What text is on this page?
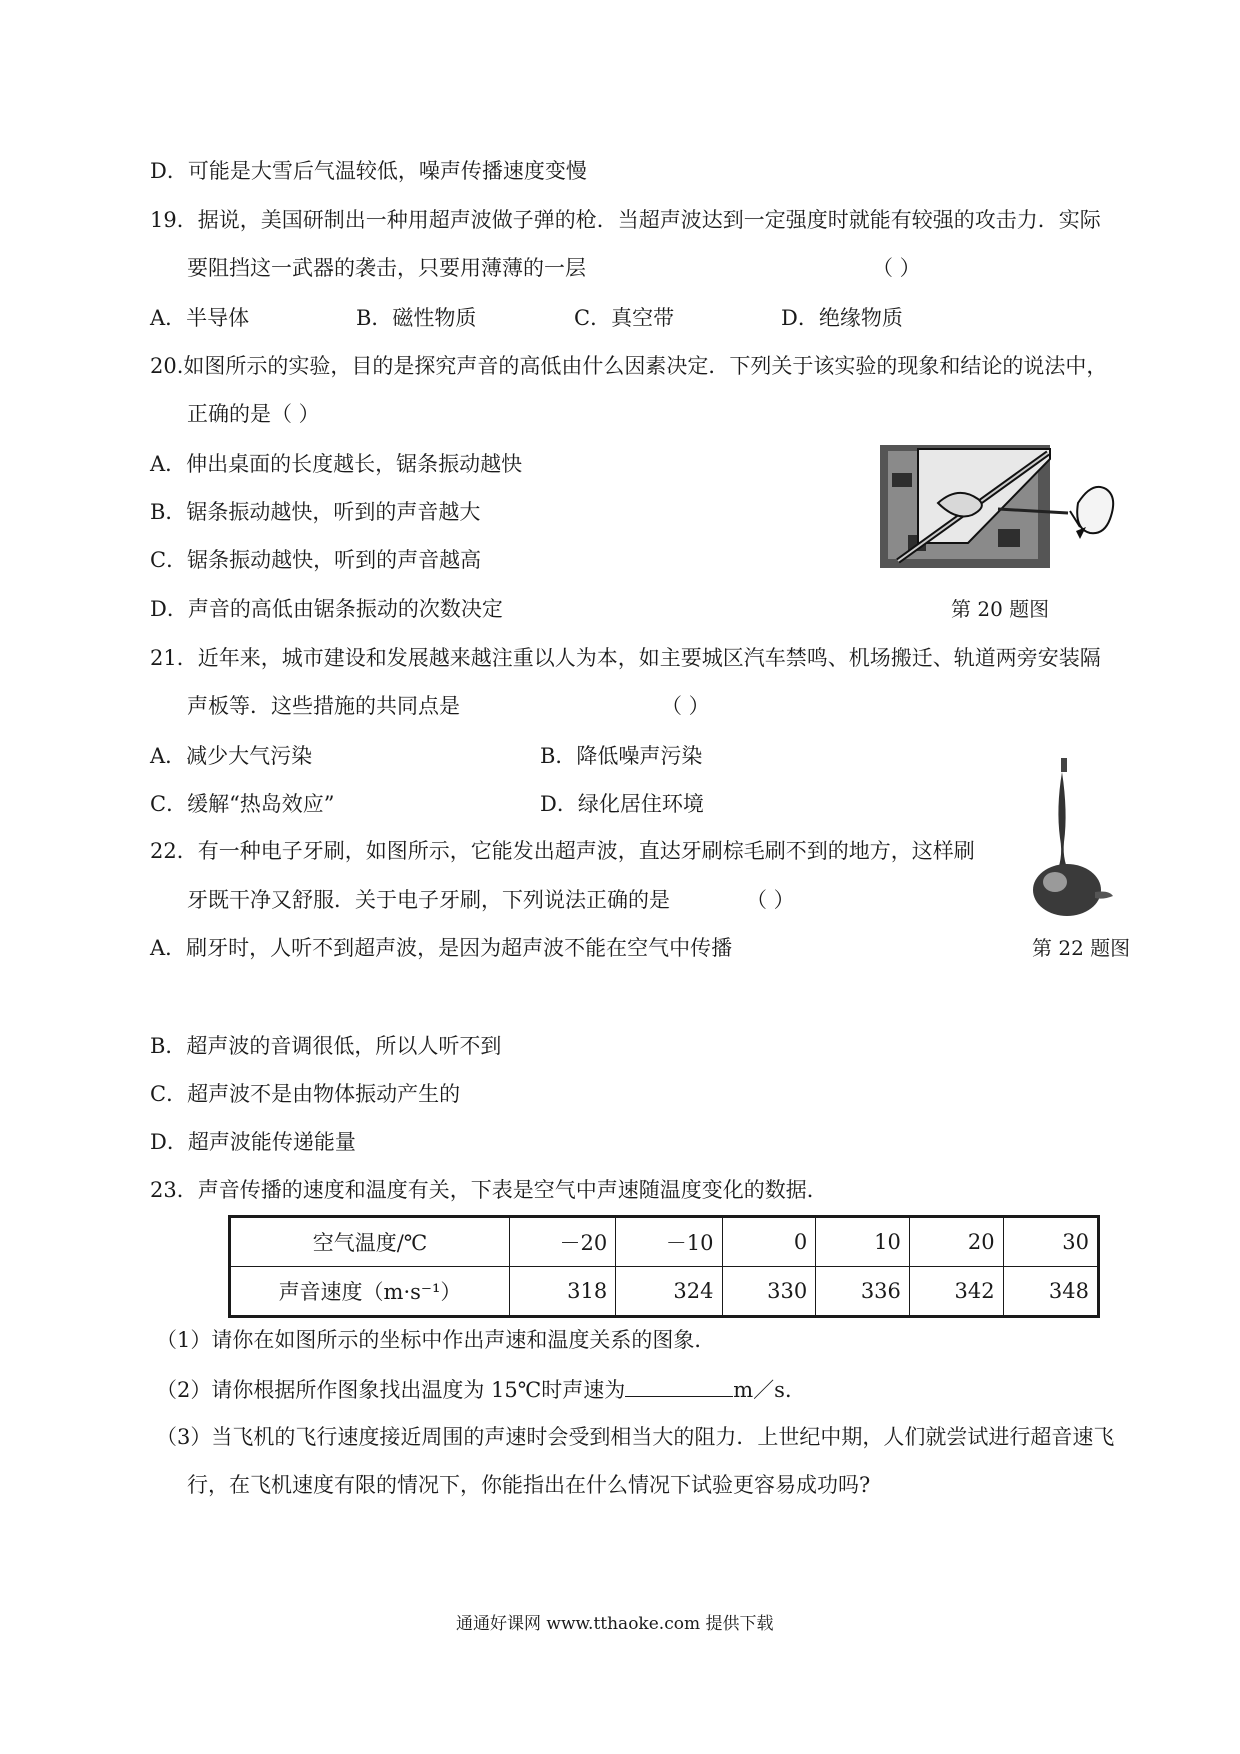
D．可能是大雪后气温较低，噪声传播速度变慢
19．据说，美国研制出一种用超声波做子弹的枪．当超声波达到一定强度时就能有较强的攻击力．实际
要阻挡这一武器的袭击，只要用薄薄的一层	（ ）
A．半导体	B．磁性物质	C．真空带	D．绝缘物质
20.如图所示的实验，目的是探究声音的高低由什么因素决定．下列关于该实验的现象和结论的说法中，
正确的是（ ）
A．伸出桌面的长度越长，锯条振动越快
B．锯条振动越快，听到的声音越大
C．锯条振动越快，听到的声音越高
D．声音的高低由锯条振动的次数决定	第 20 题图
21．近年来，城市建设和发展越来越注重以人为本，如主要城区汽车禁鸣、机场搬迁、轨道两旁安装隔
声板等．这些措施的共同点是	（ ）
A．减少大气污染	B．降低噪声污染
C．缓解“热岛效应”	D．绿化居住环境
22．有一种电子牙刷，如图所示，它能发出超声波，直达牙刷棕毛刷不到的地方，这样刷
牙既干净又舒服．关于电子牙刷，下列说法正确的是	（ ）
A．刷牙时，人听不到超声波，是因为超声波不能在空气中传播	第 22 题图
B．超声波的音调很低，所以人听不到
C．超声波不是由物体振动产生的
D．超声波能传递能量
23．声音传播的速度和温度有关，下表是空气中声速随温度变化的数据．
空气温度/℃	－20	－10	0	10	20	30
声音速度（m·s⁻¹）	318	324	330	336	342	348
（1）请你在如图所示的坐标中作出声速和温度关系的图象．
（2）请你根据所作图象找出温度为 15℃时声速为	m／s．
（3）当飞机的飞行速度接近周围的声速时会受到相当大的阻力．上世纪中期，人们就尝试进行超音速飞
行，在飞机速度有限的情况下，你能指出在什么情况下试验更容易成功吗?
通通好课网 www.tthaoke.com 提供下载
